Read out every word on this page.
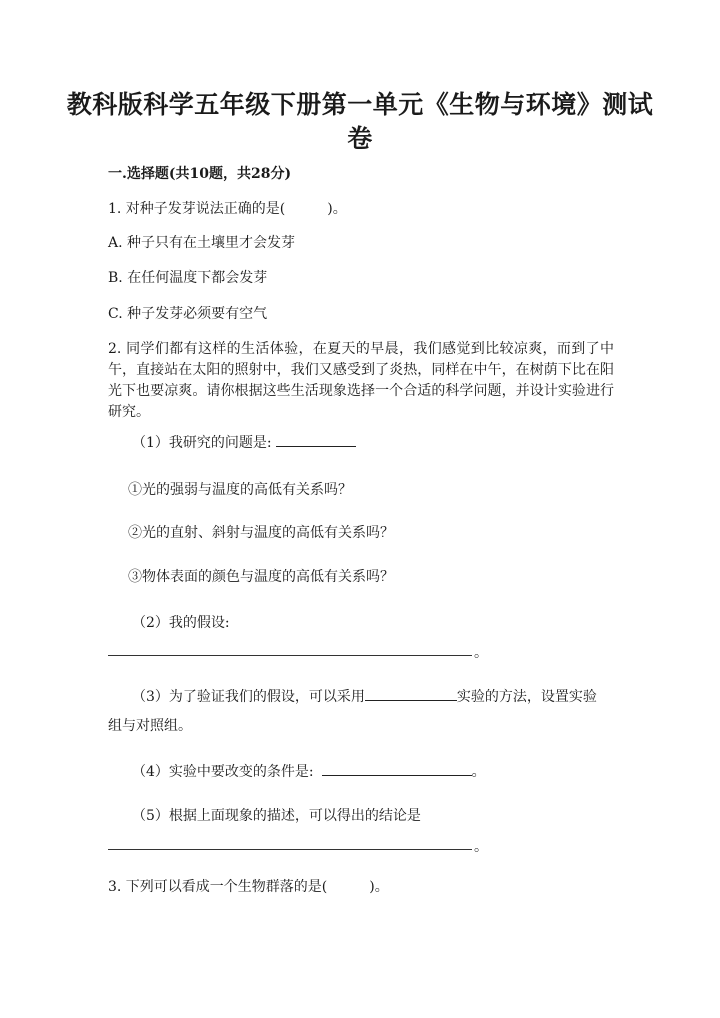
教科版科学五年级下册第一单元《生物与环境》测试卷
一.选择题(共10题，共28分)
1. 对种子发芽说法正确的是(	)。
A. 种子只有在土壤里才会发芽
B. 在任何温度下都会发芽
C. 种子发芽必须要有空气
2. 同学们都有这样的生活体验，在夏天的早晨，我们感觉到比较凉爽，而到了中午，直接站在太阳的照射中，我们又感受到了炎热，同样在中午，在树荫下比在阳光下也要凉爽。请你根据这些生活现象选择一个合适的科学问题，并设计实验进行研究。
（1）我研究的问题是:
①光的强弱与温度的高低有关系吗？
②光的直射、斜射与温度的高低有关系吗？
③物体表面的颜色与温度的高低有关系吗？
（2）我的假设:
。
（3）为了验证我们的假设，可以采用	实验的方法，设置实验
组与对照组。
（4）实验中要改变的条件是:	。
（5）根据上面现象的描述，可以得出的结论是
。
3. 下列可以看成一个生物群落的是(	)。
